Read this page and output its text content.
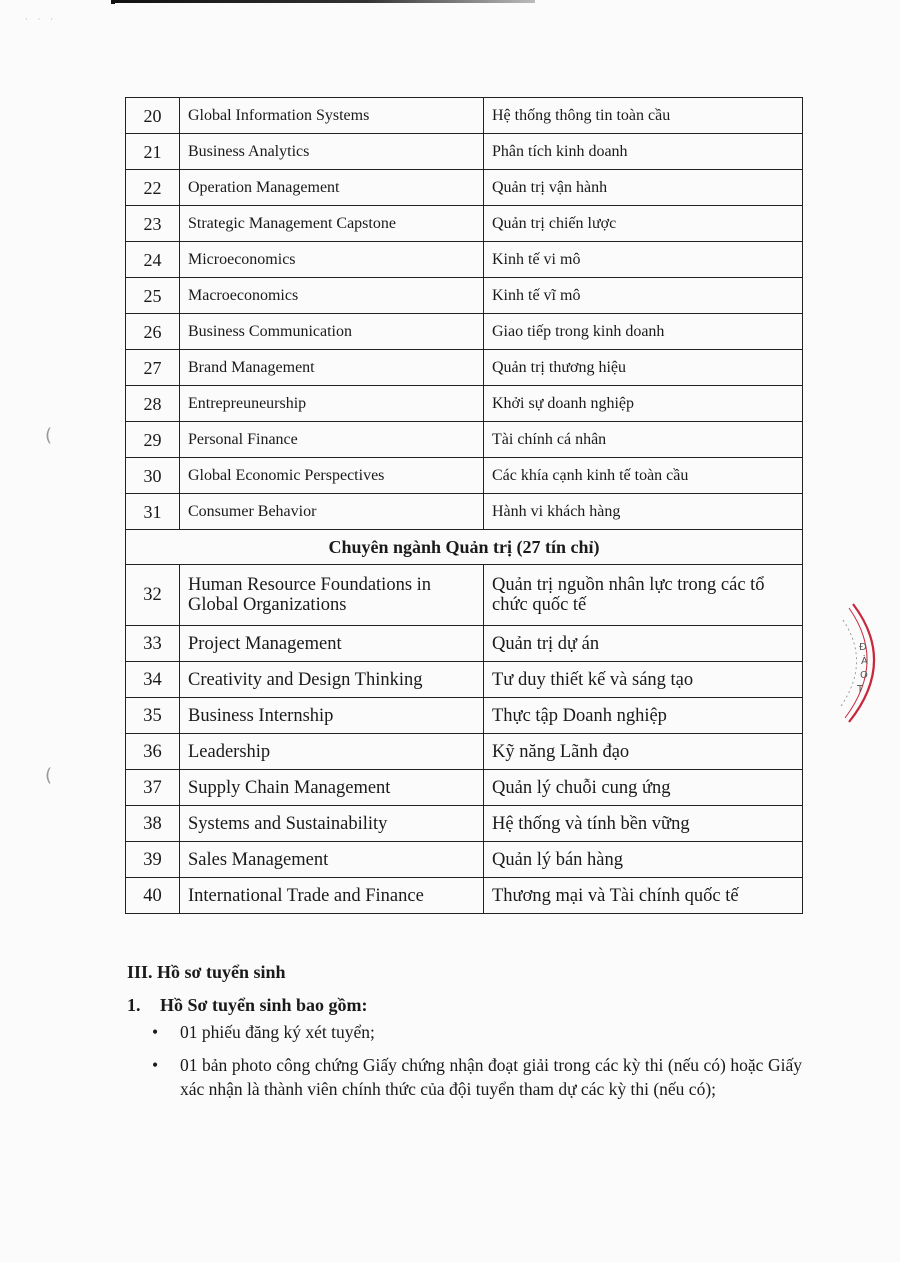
· · ·
(
(
Đ
À
O
T
20	Global Information Systems	Hệ thống thông tin toàn cầu
21	Business Analytics	Phân tích kinh doanh
22	Operation Management	Quản trị vận hành
23	Strategic Management Capstone	Quản trị chiến lược
24	Microeconomics	Kinh tế vi mô
25	Macroeconomics	Kinh tế vĩ mô
26	Business Communication	Giao tiếp trong kinh doanh
27	Brand Management	Quản trị thương hiệu
28	Entrepreuneurship	Khởi sự doanh nghiệp
29	Personal Finance	Tài chính cá nhân
30	Global Economic Perspectives	Các khía cạnh kinh tế toàn cầu
31	Consumer Behavior	Hành vi khách hàng
Chuyên ngành Quản trị (27 tín chỉ)		
32	Human Resource Foundations in Global Organizations	Quản trị nguồn nhân lực trong các tổ chức quốc tế
33	Project Management	Quản trị dự án
34	Creativity and Design Thinking	Tư duy thiết kế và sáng tạo
35	Business Internship	Thực tập Doanh nghiệp
36	Leadership	Kỹ năng Lãnh đạo
37	Supply Chain Management	Quản lý chuỗi cung ứng
38	Systems and Sustainability	Hệ thống và tính bền vững
39	Sales Management	Quản lý bán hàng
40	International Trade and Finance	Thương mại và Tài chính quốc tế
III. Hồ sơ tuyển sinh
1. Hồ Sơ tuyển sinh bao gồm:
• 01 phiếu đăng ký xét tuyển;
• 01 bản photo công chứng Giấy chứng nhận đoạt giải trong các kỳ thi (nếu có) hoặc Giấy xác nhận là thành viên chính thức của đội tuyển tham dự các kỳ thi (nếu có);
